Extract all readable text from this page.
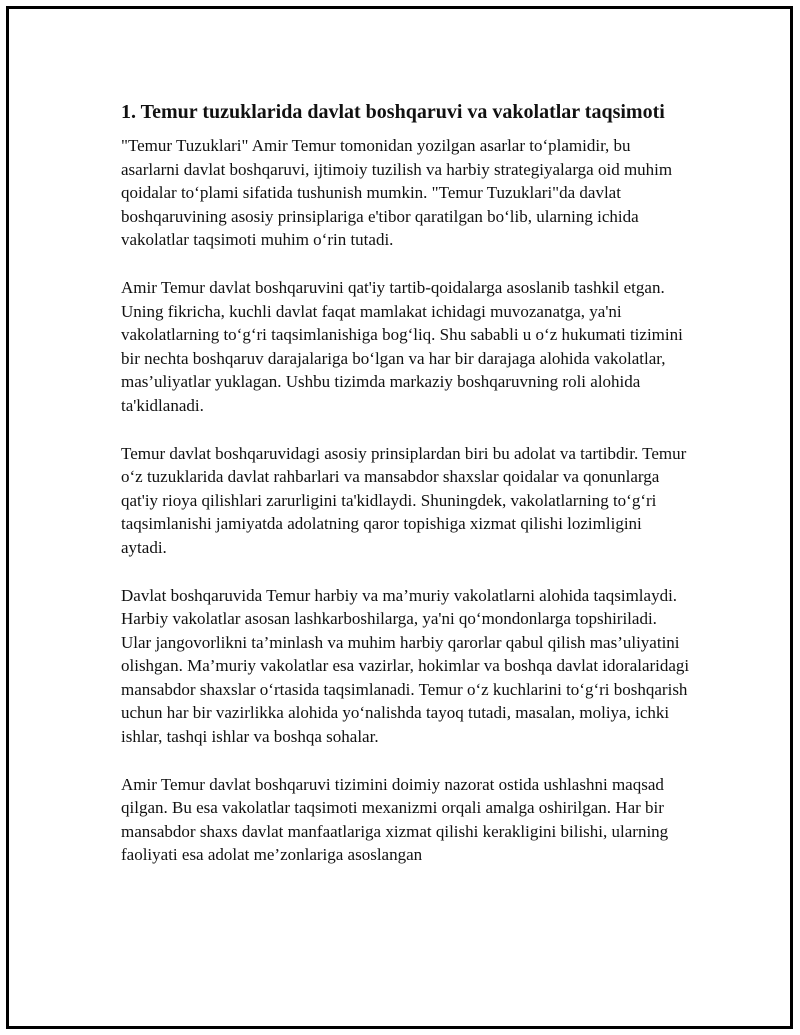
1. Temur tuzuklarida davlat boshqaruvi va vakolatlar taqsimoti

"Temur Tuzuklari" Amir Temur tomonidan yozilgan asarlar to‘plamidir, bu asarlarni davlat boshqaruvi, ijtimoiy tuzilish va harbiy strategiyalarga oid muhim qoidalar to‘plami sifatida tushunish mumkin. "Temur Tuzuklari"da davlat boshqaruvining asosiy prinsiplariga e'tibor qaratilgan bo‘lib, ularning ichida vakolatlar taqsimoti muhim o‘rin tutadi.

Amir Temur davlat boshqaruvini qat'iy tartib-qoidalarga asoslanib tashkil etgan. Uning fikricha, kuchli davlat faqat mamlakat ichidagi muvozanatga, ya'ni vakolatlarning to‘g‘ri taqsimlanishiga bog‘liq. Shu sababli u o‘z hukumati tizimini bir nechta boshqaruv darajalariga bo‘lgan va har bir darajaga alohida vakolatlar, mas’uliyatlar yuklagan. Ushbu tizimda markaziy boshqaruvning roli alohida ta'kidlanadi.

Temur davlat boshqaruvidagi asosiy prinsiplardan biri bu adolat va tartibdir. Temur o‘z tuzuklarida davlat rahbarlari va mansabdor shaxslar qoidalar va qonunlarga qat'iy rioya qilishlari zarurligini ta'kidlaydi. Shuningdek, vakolatlarning to‘g‘ri taqsimlanishi jamiyatda adolatning qaror topishiga xizmat qilishi lozimligini aytadi.

Davlat boshqaruvida Temur harbiy va ma’muriy vakolatlarni alohida taqsimlaydi. Harbiy vakolatlar asosan lashkarboshilarga, ya'ni qo‘mondonlarga topshiriladi. Ular jangovorlikni ta’minlash va muhim harbiy qarorlar qabul qilish mas’uliyatini olishgan. Ma’muriy vakolatlar esa vazirlar, hokimlar va boshqa davlat idoralaridagi mansabdor shaxslar o‘rtasida taqsimlanadi. Temur o‘z kuchlarini to‘g‘ri boshqarish uchun har bir vazirlikka alohida yo‘nalishda tayoq tutadi, masalan, moliya, ichki ishlar, tashqi ishlar va boshqa sohalar.

Amir Temur davlat boshqaruvi tizimini doimiy nazorat ostida ushlashni maqsad qilgan. Bu esa vakolatlar taqsimoti mexanizmi orqali amalga oshirilgan. Har bir mansabdor shaxs davlat manfaatlariga xizmat qilishi kerakligini bilishi, ularning faoliyati esa adolat me’zonlariga asoslangan
